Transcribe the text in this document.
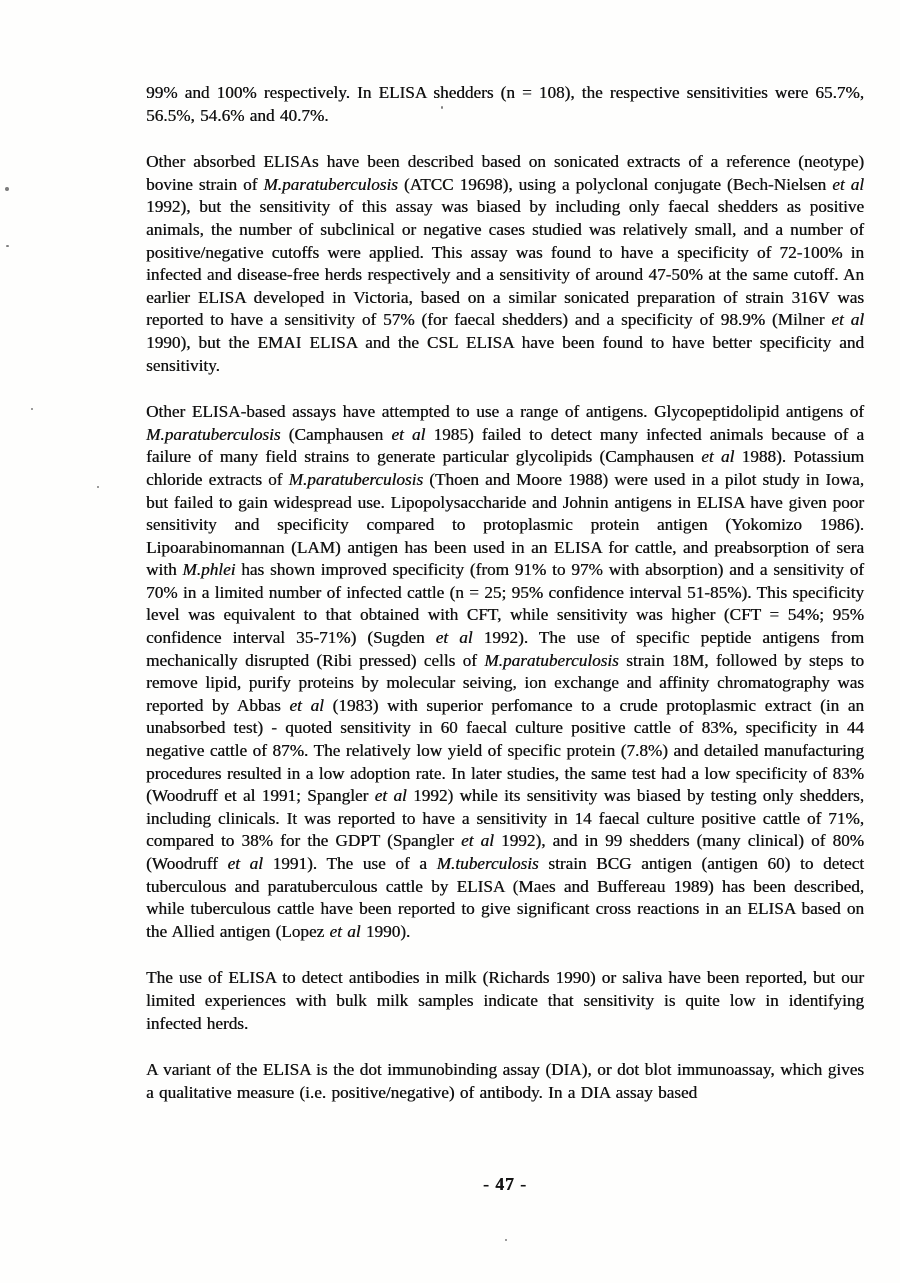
99% and 100% respectively. In ELISA shedders (n = 108), the respective sensitivities were 65.7%, 56.5%, 54.6% and 40.7%.

Other absorbed ELISAs have been described based on sonicated extracts of a reference (neotype) bovine strain of M.paratuberculosis (ATCC 19698), using a polyclonal conjugate (Bech-Nielsen et al 1992), but the sensitivity of this assay was biased by including only faecal shedders as positive animals, the number of subclinical or negative cases studied was relatively small, and a number of positive/negative cutoffs were applied. This assay was found to have a specificity of 72-100% in infected and disease-free herds respectively and a sensitivity of around 47-50% at the same cutoff. An earlier ELISA developed in Victoria, based on a similar sonicated preparation of strain 316V was reported to have a sensitivity of 57% (for faecal shedders) and a specificity of 98.9% (Milner et al 1990), but the EMAI ELISA and the CSL ELISA have been found to have better specificity and sensitivity.

Other ELISA-based assays have attempted to use a range of antigens. Glycopeptidolipid antigens of M.paratuberculosis (Camphausen et al 1985) failed to detect many infected animals because of a failure of many field strains to generate particular glycolipids (Camphausen et al 1988). Potassium chloride extracts of M.paratuberculosis (Thoen and Moore 1988) were used in a pilot study in Iowa, but failed to gain widespread use. Lipopolysaccharide and Johnin antigens in ELISA have given poor sensitivity and specificity compared to protoplasmic protein antigen (Yokomizo 1986). Lipoarabinomannan (LAM) antigen has been used in an ELISA for cattle, and preabsorption of sera with M.phlei has shown improved specificity (from 91% to 97% with absorption) and a sensitivity of 70% in a limited number of infected cattle (n = 25; 95% confidence interval 51-85%). This specificity level was equivalent to that obtained with CFT, while sensitivity was higher (CFT = 54%; 95% confidence interval 35-71%) (Sugden et al 1992). The use of specific peptide antigens from mechanically disrupted (Ribi pressed) cells of M.paratuberculosis strain 18M, followed by steps to remove lipid, purify proteins by molecular seiving, ion exchange and affinity chromatography was reported by Abbas et al (1983) with superior perfomance to a crude protoplasmic extract (in an unabsorbed test) - quoted sensitivity in 60 faecal culture positive cattle of 83%, specificity in 44 negative cattle of 87%. The relatively low yield of specific protein (7.8%) and detailed manufacturing procedures resulted in a low adoption rate. In later studies, the same test had a low specificity of 83% (Woodruff et al 1991; Spangler et al 1992) while its sensitivity was biased by testing only shedders, including clinicals. It was reported to have a sensitivity in 14 faecal culture positive cattle of 71%, compared to 38% for the GDPT (Spangler et al 1992), and in 99 shedders (many clinical) of 80% (Woodruff et al 1991). The use of a M.tuberculosis strain BCG antigen (antigen 60) to detect tuberculous and paratuberculous cattle by ELISA (Maes and Buffereau 1989) has been described, while tuberculous cattle have been reported to give significant cross reactions in an ELISA based on the Allied antigen (Lopez et al 1990).

The use of ELISA to detect antibodies in milk (Richards 1990) or saliva have been reported, but our limited experiences with bulk milk samples indicate that sensitivity is quite low in identifying infected herds.

A variant of the ELISA is the dot immunobinding assay (DIA), or dot blot immunoassay, which gives a qualitative measure (i.e. positive/negative) of antibody. In a DIA assay based

- 47 -
